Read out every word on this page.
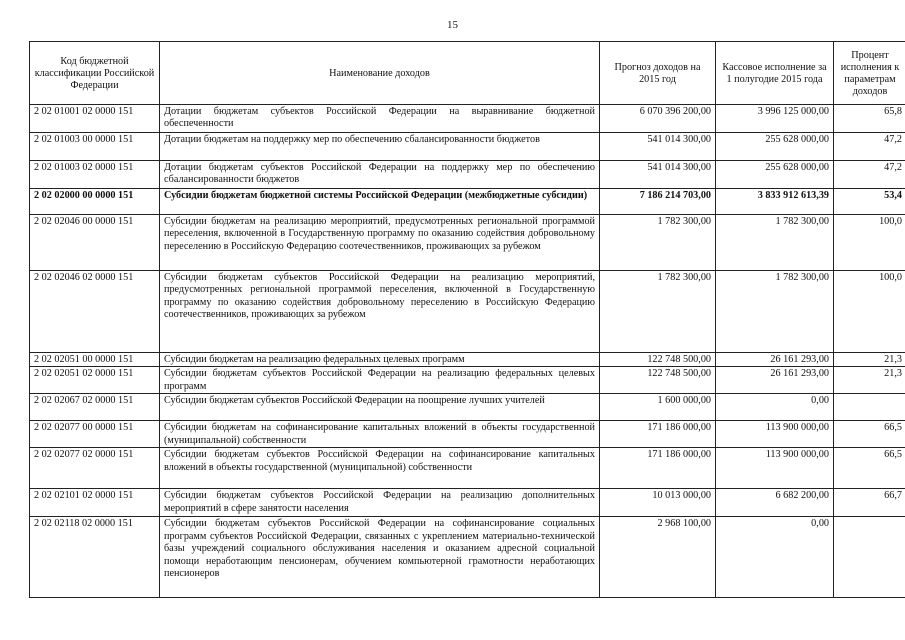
15
Код бюджетной классификации Российской Федерации	Наименование доходов	Прогноз доходов на 2015 год	Кассовое исполнение за 1 полугодие 2015 года	Процент исполнения к параметрам доходов
2 02 01001 02 0000 151	Дотации бюджетам субъектов Российской Федерации на выравнивание бюджетной обеспеченности	6 070 396 200,00	3 996 125 000,00	65,8
2 02 01003 00 0000 151	Дотации бюджетам на поддержку мер по обеспечению сбалансированности бюджетов	541 014 300,00	255 628 000,00	47,2
2 02 01003 02 0000 151	Дотации бюджетам субъектов Российской Федерации на поддержку мер по обеспечению сбалансированности бюджетов	541 014 300,00	255 628 000,00	47,2
2 02 02000 00 0000 151	Субсидии бюджетам бюджетной системы Российской Федерации (межбюджетные субсидии)	7 186 214 703,00	3 833 912 613,39	53,4
2 02 02046 00 0000 151	Субсидии бюджетам на реализацию мероприятий, предусмотренных региональной программой переселения, включенной в Государственную программу по оказанию содействия добровольному переселению в Российскую Федерацию соотечественников, проживающих за рубежом	1 782 300,00	1 782 300,00	100,0
2 02 02046 02 0000 151	Субсидии бюджетам субъектов Российской Федерации на реализацию мероприятий, предусмотренных региональной программой переселения, включенной в Государственную программу по оказанию содействия добровольному переселению в Российскую Федерацию соотечественников, проживающих за рубежом	1 782 300,00	1 782 300,00	100,0
2 02 02051 00 0000 151	Субсидии бюджетам на реализацию федеральных целевых программ	122 748 500,00	26 161 293,00	21,3
2 02 02051 02 0000 151	Субсидии бюджетам субъектов Российской Федерации на реализацию федеральных целевых программ	122 748 500,00	26 161 293,00	21,3
2 02 02067 02 0000 151	Субсидии бюджетам субъектов Российской Федерации на поощрение лучших учителей	1 600 000,00	0,00	
2 02 02077 00 0000 151	Субсидии бюджетам на софинансирование капитальных вложений в объекты государственной (муниципальной) собственности	171 186 000,00	113 900 000,00	66,5
2 02 02077 02 0000 151	Субсидии бюджетам субъектов Российской Федерации на софинансирование капитальных вложений в объекты государственной (муниципальной) собственности	171 186 000,00	113 900 000,00	66,5
2 02 02101 02 0000 151	Субсидии бюджетам субъектов Российской Федерации на реализацию дополнительных мероприятий в сфере занятости населения	10 013 000,00	6 682 200,00	66,7
2 02 02118 02 0000 151	Субсидии бюджетам субъектов Российской Федерации на софинансирование социальных программ субъектов Российской Федерации, связанных с укреплением материально-технической базы учреждений социального обслуживания населения и оказанием адресной социальной помощи неработающим пенсионерам, обучением компьютерной грамотности неработающих пенсионеров	2 968 100,00	0,00	
